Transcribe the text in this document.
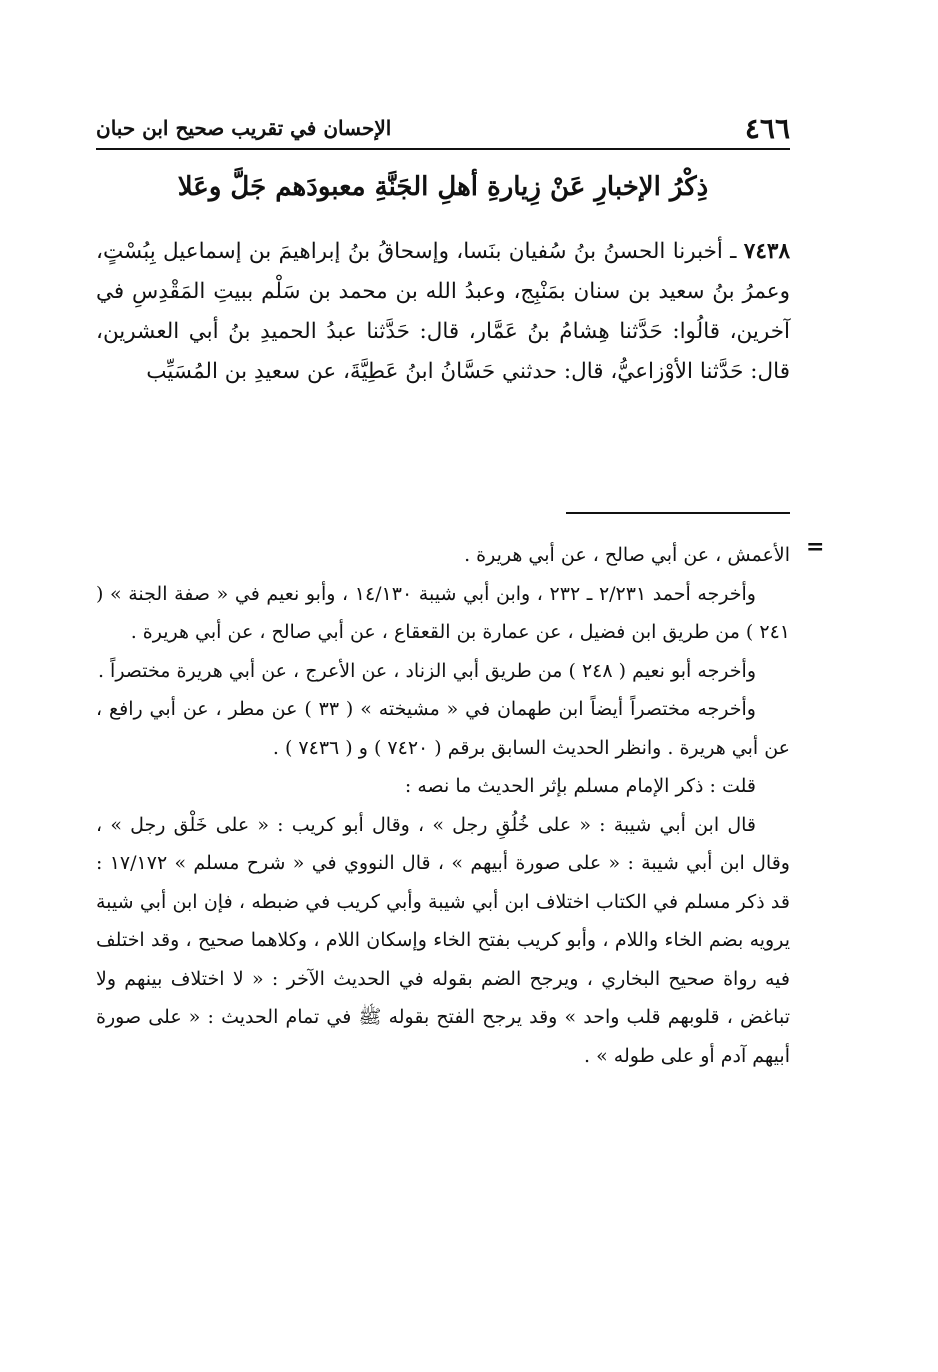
٤٦٦
الإحسان في تقريب صحيح ابن حبان
ذِكْرُ الإخبارِ عَنْ زِيارةِ أهلِ الجَنَّةِ معبودَهم جَلَّ وعَلا
٧٤٣٨ ـ أخبرنا الحسنُ بنُ سُفيان بنَسا، وإسحاقُ بنُ إبراهيمَ بن إسماعيل بِبُسْتٍ، وعمرُ بنُ سعيد بن سنان بمَنْبِج، وعبدُ الله بن محمد بن سَلْم ببيتِ المَقْدِسِ في آخرين، قالُوا: حَدَّثنا هِشامُ بنُ عَمَّار، قال: حَدَّثنا عبدُ الحميدِ بنُ أبي العشرين، قال: حَدَّثنا الأوْزاعيُّ، قال: حدثني حَسَّانُ ابنُ عَطِيَّةَ، عن سعيدِ بن المُسَيِّب
=

الأعمش ، عن أبي صالح ، عن أبي هريرة .

وأخرجه أحمد ٢/٢٣١ ـ ٢٣٢ ، وابن أبي شيبة ١٤/١٣٠ ، وأبو نعيم في « صفة الجنة » ( ٢٤١ ) من طريق ابن فضيل ، عن عمارة بن القعقاع ، عن أبي صالح ، عن أبي هريرة .

وأخرجه أبو نعيم ( ٢٤٨ ) من طريق أبي الزناد ، عن الأعرج ، عن أبي هريرة مختصراً .

وأخرجه مختصراً أيضاً ابن طهمان في « مشيخته » ( ٣٣ ) عن مطر ، عن أبي رافع ، عن أبي هريرة . وانظر الحديث السابق برقم ( ٧٤٢٠ ) و ( ٧٤٣٦ ) .

قلت : ذكر الإمام مسلم بإثر الحديث ما نصه :

قال ابن أبي شيبة : « على خُلُقِ رجل » ، وقال أبو كريب : « على خَلْق رجل » ، وقال ابن أبي شيبة : « على صورة أبيهم » ، قال النووي في « شرح مسلم » ١٧/١٧٢ : قد ذكر مسلم في الكتاب اختلاف ابن أبي شيبة وأبي كريب في ضبطه ، فإن ابن أبي شيبة يرويه بضم الخاء واللام ، وأبو كريب بفتح الخاء وإسكان اللام ، وكلاهما صحيح ، وقد اختلف فيه رواة صحيح البخاري ، ويرجح الضم بقوله في الحديث الآخر : « لا اختلاف بينهم ولا تباغض ، قلوبهم قلب واحد » وقد يرجح الفتح بقوله ﷺ في تمام الحديث : « على صورة أبيهم آدم أو على طوله » .
